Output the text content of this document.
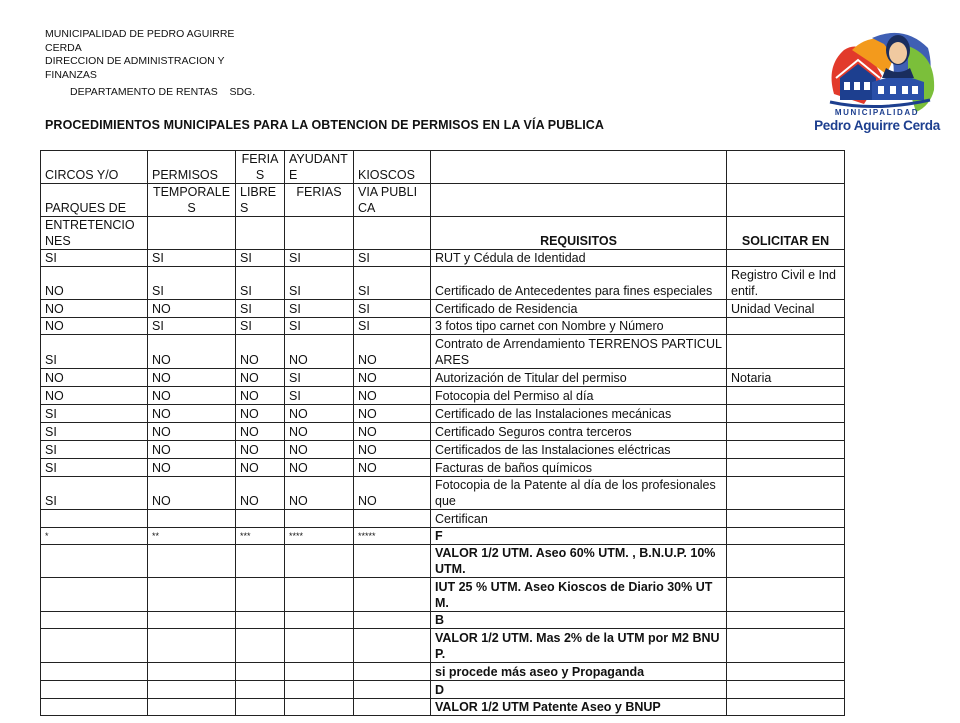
MUNICIPALIDAD DE PEDRO AGUIRRE CERDA
DIRECCION DE ADMINISTRACION Y FINANZAS
DEPARTAMENTO DE RENTAS    SDG.
PROCEDIMIENTOS MUNICIPALES PARA LA OBTENCION DE PERMISOS EN LA VÍA PUBLICA
MUNICIPALIDAD
Pedro Aguirre Cerda
CIRCOS Y/O	PERMISOS	FERIAS	AYUDANTE	KIOSCOS		
PARQUES DE	TEMPORALES	LIBRES	FERIAS	VIA PUBLICA		
ENTRETENCIONES					REQUISITOS	SOLICITAR EN
SI	SI	SI	SI	SI	RUT y Cédula de Identidad	
NO	SI	SI	SI	SI	Certificado de Antecedentes para fines especiales	Registro Civil e Indentif.
NO	NO	SI	SI	SI	Certificado de Residencia	Unidad Vecinal
NO	SI	SI	SI	SI	3 fotos tipo carnet con Nombre y Número	
SI	NO	NO	NO	NO	Contrato de Arrendamiento TERRENOS PARTICULARES	
NO	NO	NO	SI	NO	Autorización de Titular del permiso	Notaria
NO	NO	NO	SI	NO	Fotocopia del Permiso al día	
SI	NO	NO	NO	NO	Certificado de las Instalaciones mecánicas	
SI	NO	NO	NO	NO	Certificado Seguros contra terceros	
SI	NO	NO	NO	NO	Certificados de las Instalaciones eléctricas	
SI	NO	NO	NO	NO	Facturas de baños químicos	
SI	NO	NO	NO	NO	Fotocopia de la Patente al día de los profesionales que	
					Certifican	
*	**	***	****	*****	F	
					VALOR 1/2 UTM. Aseo 60% UTM. , B.N.U.P. 10% UTM.	
					IUT 25 % UTM. Aseo Kioscos de Diario 30% UTM.	
					B	
					VALOR 1/2 UTM. Mas 2% de la UTM por M2 BNUP.	
					si procede más aseo y Propaganda	
					D	
					VALOR 1/2 UTM Patente Aseo y BNUP	
